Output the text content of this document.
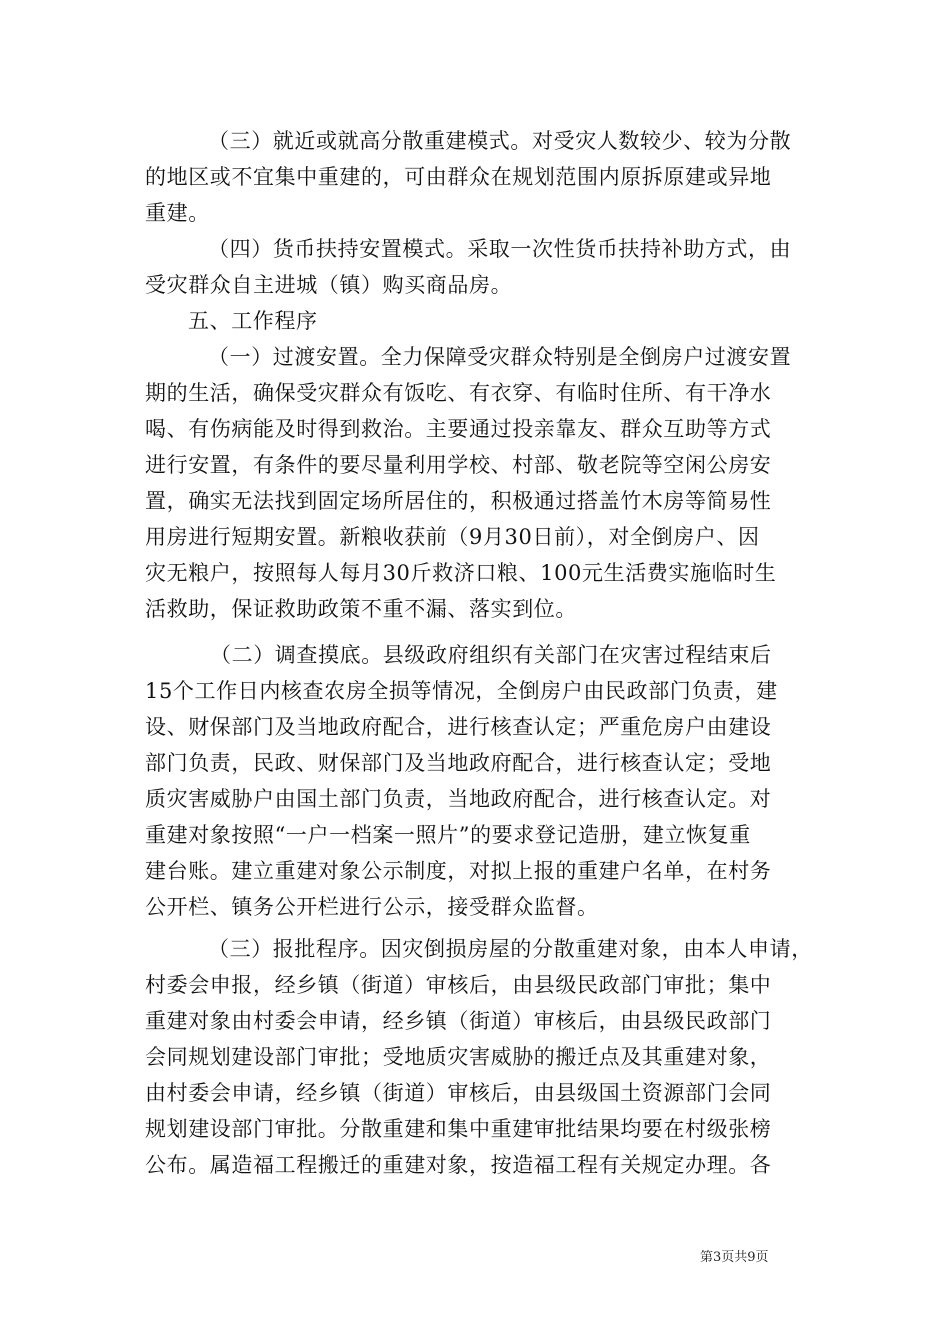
（三）就近或就高分散重建模式。对受灾人数较少、较为分散
的地区或不宜集中重建的，可由群众在规划范围内原拆原建或异地
重建。
（四）货币扶持安置模式。采取一次性货币扶持补助方式，由
受灾群众自主进城（镇）购买商品房。
五、工作程序
（一）过渡安置。全力保障受灾群众特别是全倒房户过渡安置
期的生活，确保受灾群众有饭吃、有衣穿、有临时住所、有干净水
喝、有伤病能及时得到救治。主要通过投亲靠友、群众互助等方式
进行安置，有条件的要尽量利用学校、村部、敬老院等空闲公房安
置，确实无法找到固定场所居住的，积极通过搭盖竹木房等简易性
用房进行短期安置。新粮收获前（9月30日前），对全倒房户、因
灾无粮户，按照每人每月30斤救济口粮、100元生活费实施临时生
活救助，保证救助政策不重不漏、落实到位。
（二）调查摸底。县级政府组织有关部门在灾害过程结束后
15个工作日内核查农房全损等情况，全倒房户由民政部门负责，建
设、财保部门及当地政府配合，进行核查认定；严重危房户由建设
部门负责，民政、财保部门及当地政府配合，进行核查认定；受地
质灾害威胁户由国土部门负责，当地政府配合，进行核查认定。对
重建对象按照“一户一档案一照片”的要求登记造册，建立恢复重
建台账。建立重建对象公示制度，对拟上报的重建户名单，在村务
公开栏、镇务公开栏进行公示，接受群众监督。
（三）报批程序。因灾倒损房屋的分散重建对象，由本人申请，
村委会申报，经乡镇（街道）审核后，由县级民政部门审批；集中
重建对象由村委会申请，经乡镇（街道）审核后，由县级民政部门
会同规划建设部门审批；受地质灾害威胁的搬迁点及其重建对象，
由村委会申请，经乡镇（街道）审核后，由县级国土资源部门会同
规划建设部门审批。分散重建和集中重建审批结果均要在村级张榜
公布。属造福工程搬迁的重建对象，按造福工程有关规定办理。各
第3页共9页
